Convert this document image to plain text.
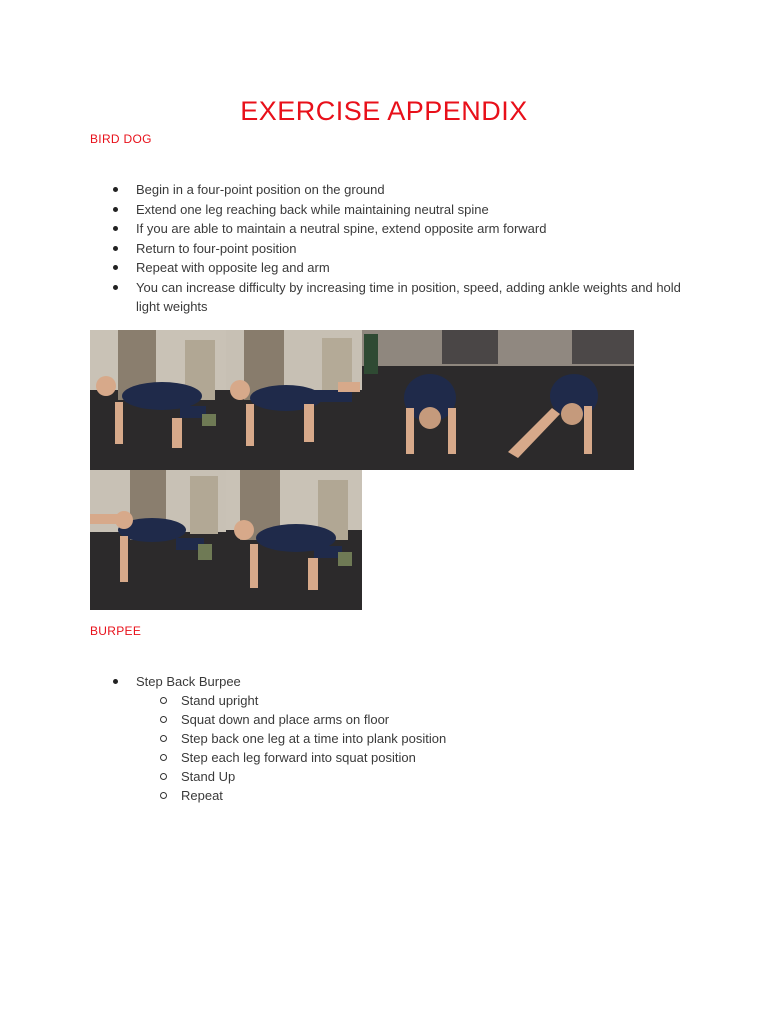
EXERCISE APPENDIX
BIRD DOG
Begin in a four-point position on the ground
Extend one leg reaching back while maintaining neutral spine
If you are able to maintain a neutral spine, extend opposite arm forward
Return to four-point position
Repeat with opposite leg and arm
You can increase difficulty by increasing time in position, speed, adding ankle weights and hold light weights
BURPEE
Step Back Burpee
Stand upright
Squat down and place arms on floor
Step back one leg at a time into plank position
Step each leg forward into squat position
Stand Up
Repeat
